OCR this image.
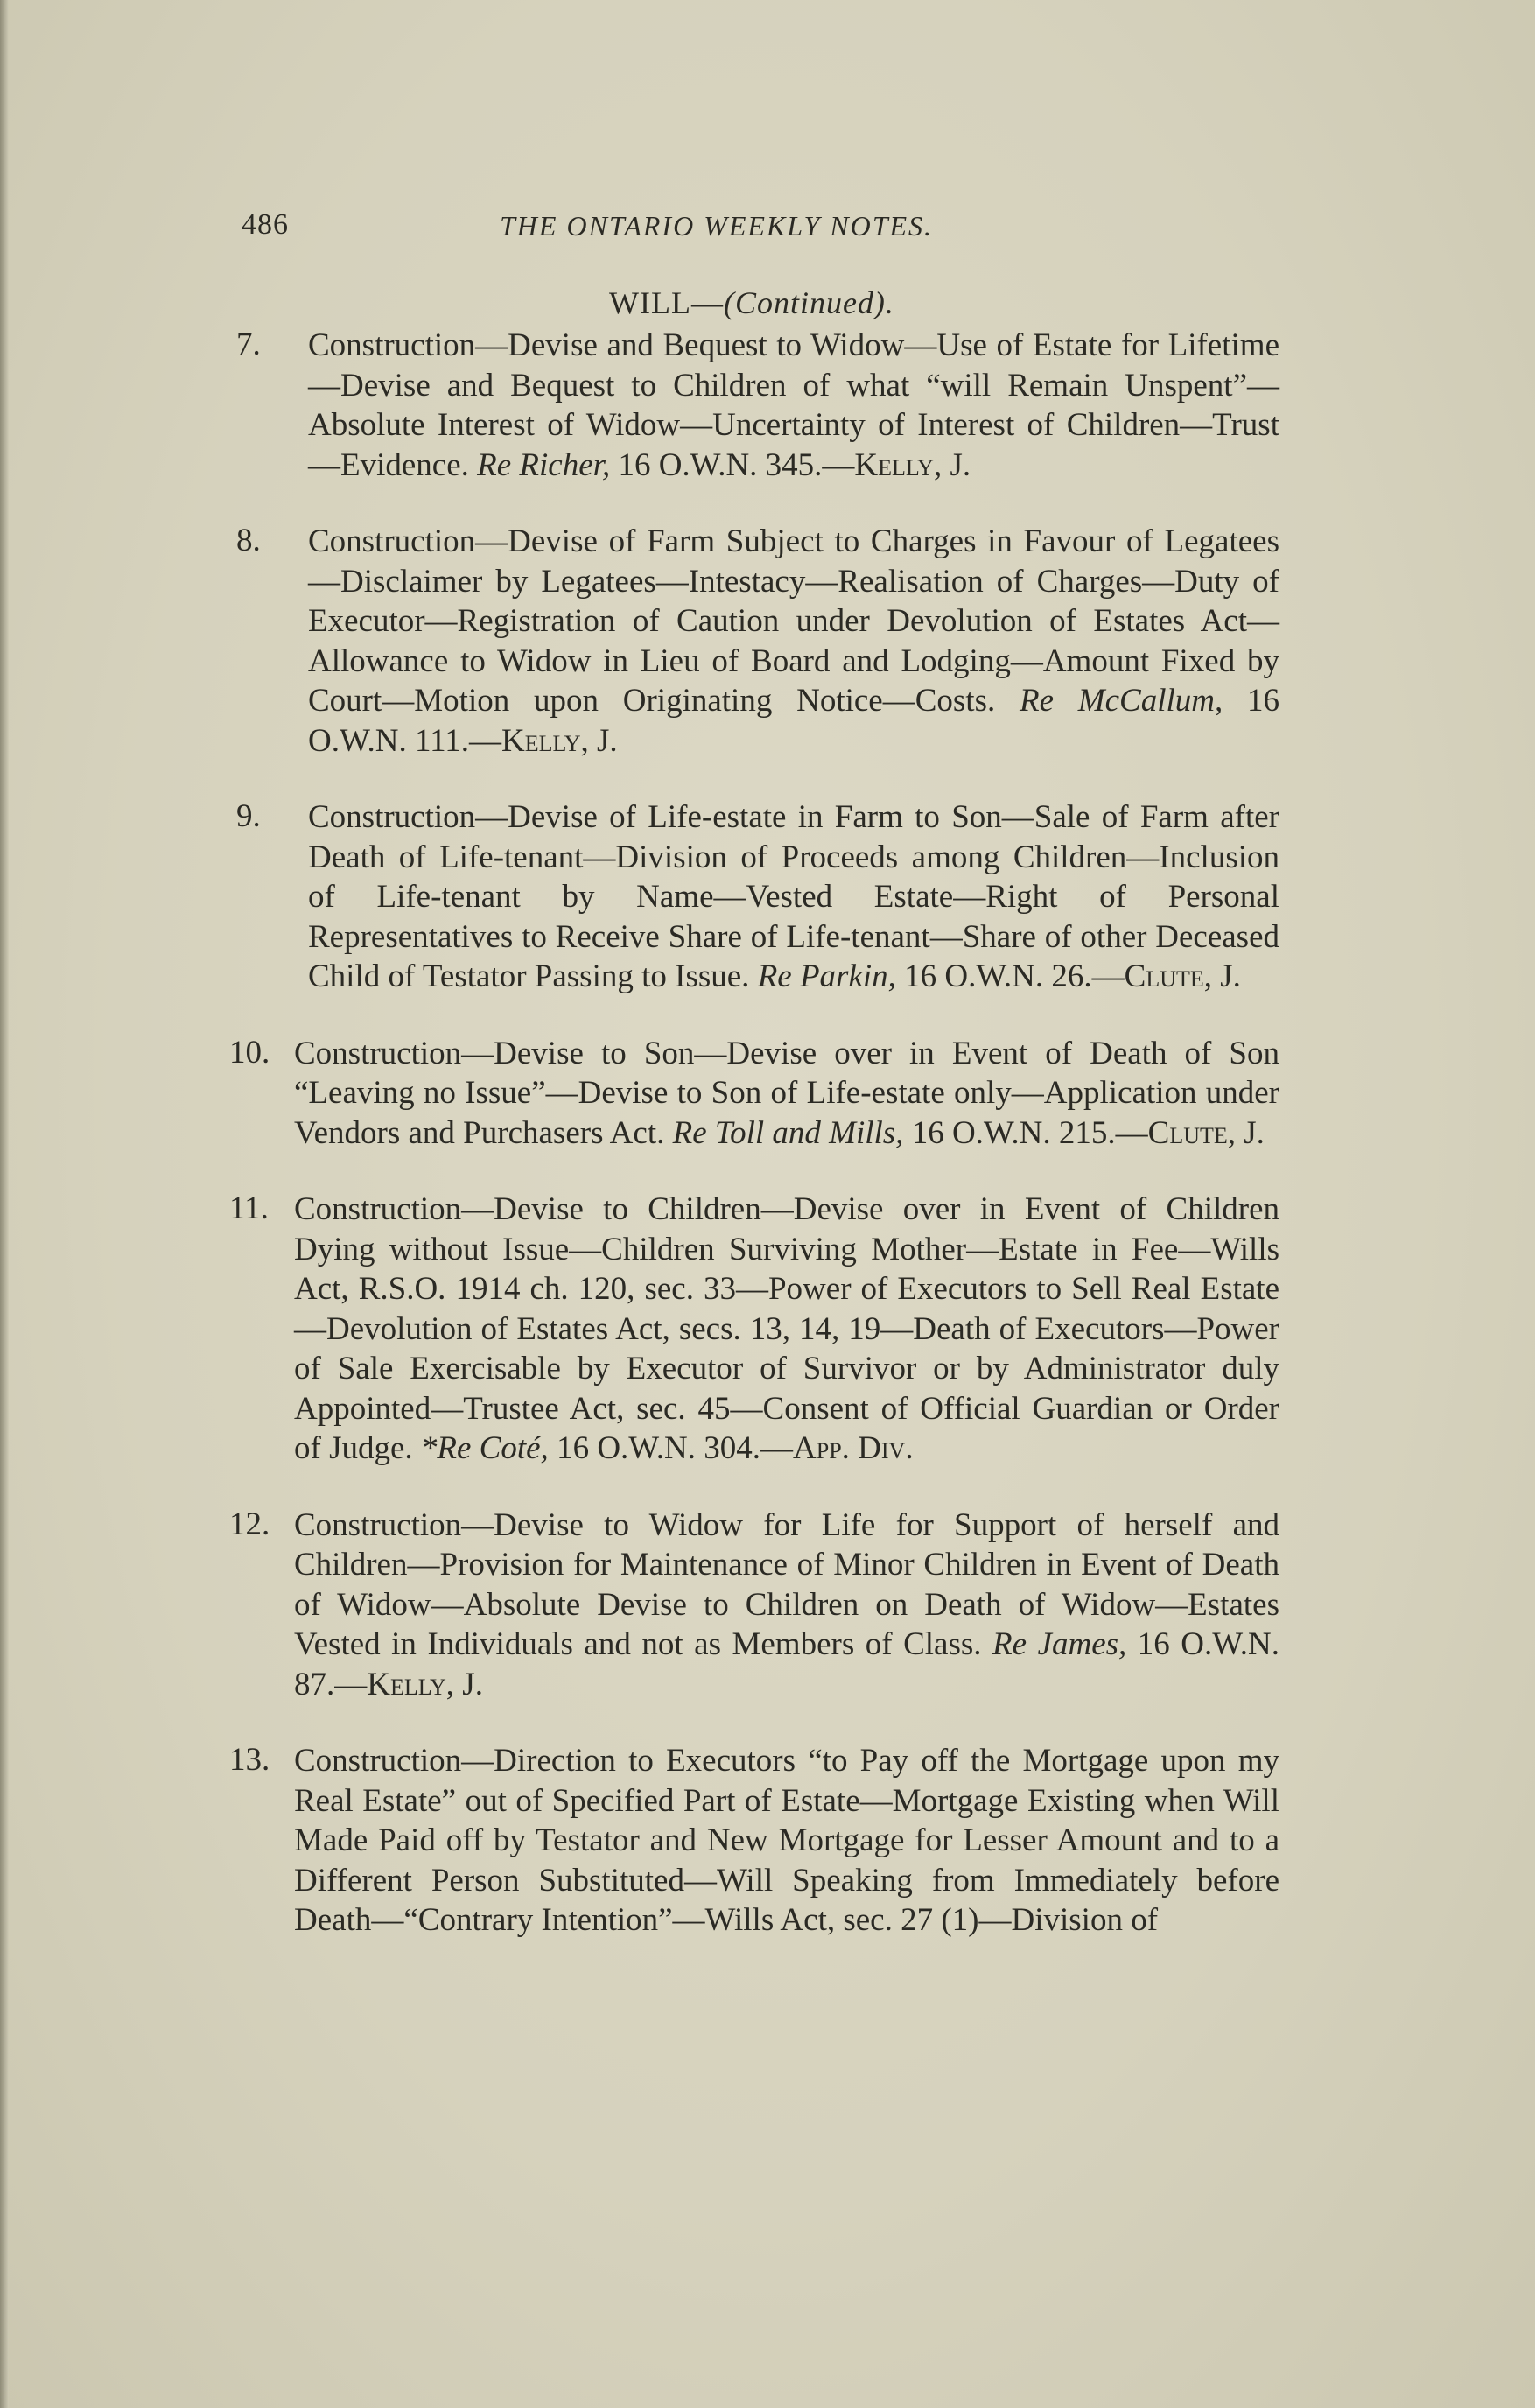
486	THE ONTARIO WEEKLY NOTES.
WILL—(Continued).
7. Construction—Devise and Bequest to Widow—Use of Estate for Lifetime—Devise and Bequest to Children of what “will Remain Unspent”—Absolute Interest of Widow—Uncertainty of Interest of Children—Trust—Evidence. Re Richer, 16 O.W.N. 345.—Kelly, J.
8. Construction—Devise of Farm Subject to Charges in Favour of Legatees—Disclaimer by Legatees—Intestacy—Realisation of Charges—Duty of Executor—Registration of Caution under Devolution of Estates Act—Allowance to Widow in Lieu of Board and Lodging—Amount Fixed by Court—Motion upon Originating Notice—Costs. Re McCallum, 16 O.W.N. 111.—Kelly, J.
9. Construction—Devise of Life-estate in Farm to Son—Sale of Farm after Death of Life-tenant—Division of Proceeds among Children—Inclusion of Life-tenant by Name—Vested Estate—Right of Personal Representatives to Receive Share of Life-tenant—Share of other Deceased Child of Testator Passing to Issue. Re Parkin, 16 O.W.N. 26.—Clute, J.
10. Construction—Devise to Son—Devise over in Event of Death of Son “Leaving no Issue”—Devise to Son of Life-estate only—Application under Vendors and Purchasers Act. Re Toll and Mills, 16 O.W.N. 215.—Clute, J.
11. Construction—Devise to Children—Devise over in Event of Children Dying without Issue—Children Surviving Mother—Estate in Fee—Wills Act, R.S.O. 1914 ch. 120, sec. 33—Power of Executors to Sell Real Estate—Devolution of Estates Act, secs. 13, 14, 19—Death of Executors—Power of Sale Exercisable by Executor of Survivor or by Administrator duly Appointed—Trustee Act, sec. 45—Consent of Official Guardian or Order of Judge. *Re Coté, 16 O.W.N. 304.—App. Div.
12. Construction—Devise to Widow for Life for Support of herself and Children—Provision for Maintenance of Minor Children in Event of Death of Widow—Absolute Devise to Children on Death of Widow—Estates Vested in Individuals and not as Members of Class. Re James, 16 O.W.N. 87.—Kelly, J.
13. Construction—Direction to Executors “to Pay off the Mortgage upon my Real Estate” out of Specified Part of Estate—Mortgage Existing when Will Made Paid off by Testator and New Mortgage for Lesser Amount and to a Different Person Substituted—Will Speaking from Immediately before Death—“Contrary Intention”—Wills Act, sec. 27 (1)—Division of
